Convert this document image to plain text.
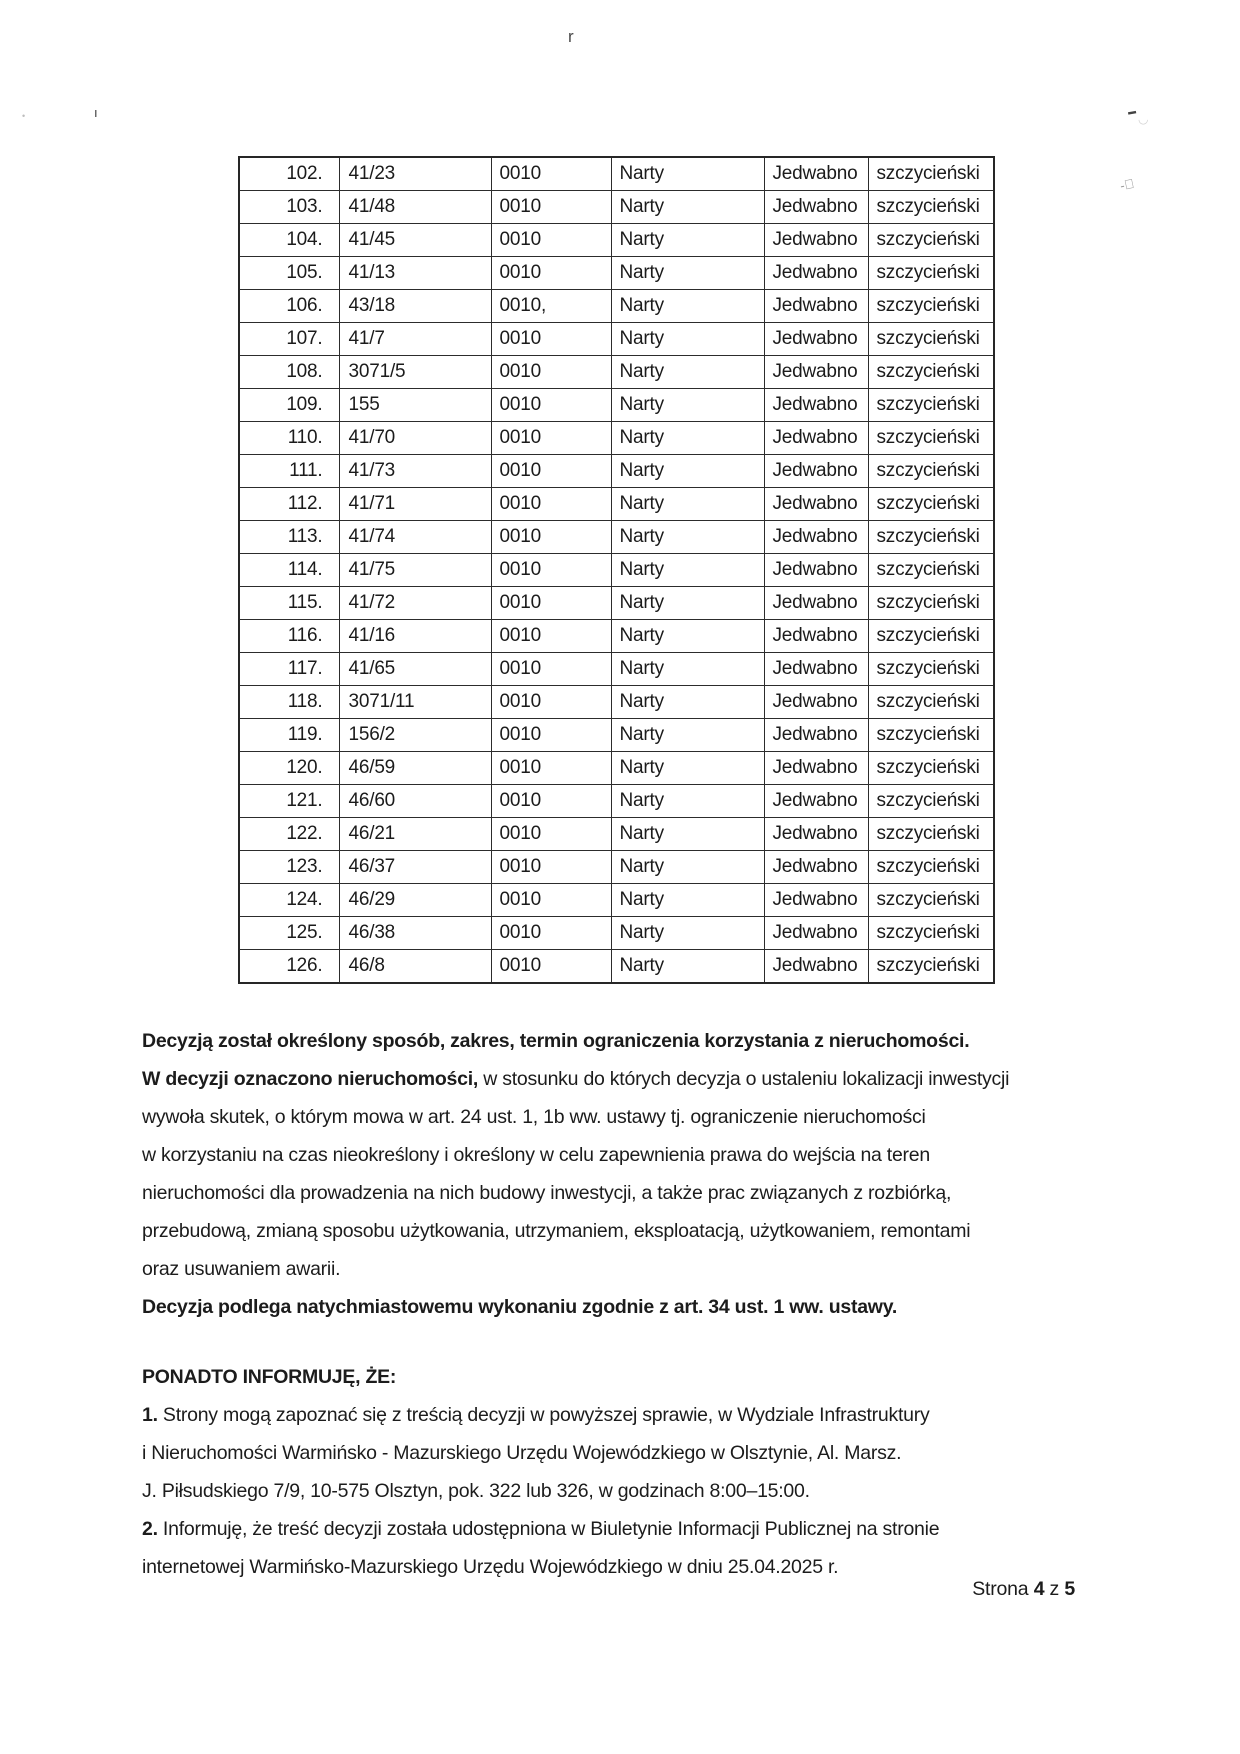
102.	41/23	0010	Narty	Jedwabno	szczycieński
103.	41/48	0010	Narty	Jedwabno	szczycieński
104.	41/45	0010	Narty	Jedwabno	szczycieński
105.	41/13	0010	Narty	Jedwabno	szczycieński
106.	43/18	0010,	Narty	Jedwabno	szczycieński
107.	41/7	0010	Narty	Jedwabno	szczycieński
108.	3071/5	0010	Narty	Jedwabno	szczycieński
109.	155	0010	Narty	Jedwabno	szczycieński
110.	41/70	0010	Narty	Jedwabno	szczycieński
111.	41/73	0010	Narty	Jedwabno	szczycieński
112.	41/71	0010	Narty	Jedwabno	szczycieński
113.	41/74	0010	Narty	Jedwabno	szczycieński
114.	41/75	0010	Narty	Jedwabno	szczycieński
115.	41/72	0010	Narty	Jedwabno	szczycieński
116.	41/16	0010	Narty	Jedwabno	szczycieński
117.	41/65	0010	Narty	Jedwabno	szczycieński
118.	3071/11	0010	Narty	Jedwabno	szczycieński
119.	156/2	0010	Narty	Jedwabno	szczycieński
120.	46/59	0010	Narty	Jedwabno	szczycieński
121.	46/60	0010	Narty	Jedwabno	szczycieński
122.	46/21	0010	Narty	Jedwabno	szczycieński
123.	46/37	0010	Narty	Jedwabno	szczycieński
124.	46/29	0010	Narty	Jedwabno	szczycieński
125.	46/38	0010	Narty	Jedwabno	szczycieński
126.	46/8	0010	Narty	Jedwabno	szczycieński
Decyzją został określony sposób, zakres, termin ograniczenia korzystania z nieruchomości.
W decyzji oznaczono nieruchomości, w stosunku do których decyzja o ustaleniu lokalizacji inwestycji
wywoła skutek, o którym mowa w art. 24 ust. 1, 1b ww. ustawy tj. ograniczenie nieruchomości
w korzystaniu na czas nieokreślony i określony w celu zapewnienia prawa do wejścia na teren
nieruchomości dla prowadzenia na nich budowy inwestycji, a także prac związanych z rozbiórką,
przebudową, zmianą sposobu użytkowania, utrzymaniem, eksploatacją, użytkowaniem, remontami
oraz usuwaniem awarii.
Decyzja podlega natychmiastowemu wykonaniu zgodnie z art. 34 ust. 1 ww. ustawy.
PONADTO INFORMUJĘ, ŻE:
1. Strony mogą zapoznać się z treścią decyzji w powyższej sprawie, w Wydziale Infrastruktury
i Nieruchomości Warmińsko - Mazurskiego Urzędu Wojewódzkiego w Olsztynie, Al. Marsz.
J. Piłsudskiego 7/9, 10-575 Olsztyn, pok. 322 lub 326, w godzinach 8:00–15:00.
2. Informuję, że treść decyzji została udostępniona w Biuletynie Informacji Publicznej na stronie
internetowej Warmińsko-Mazurskiego Urzędu Wojewódzkiego w dniu 25.04.2025 r.
Strona 4 z 5
r
•	ı	▬
◡
-ᷓ
